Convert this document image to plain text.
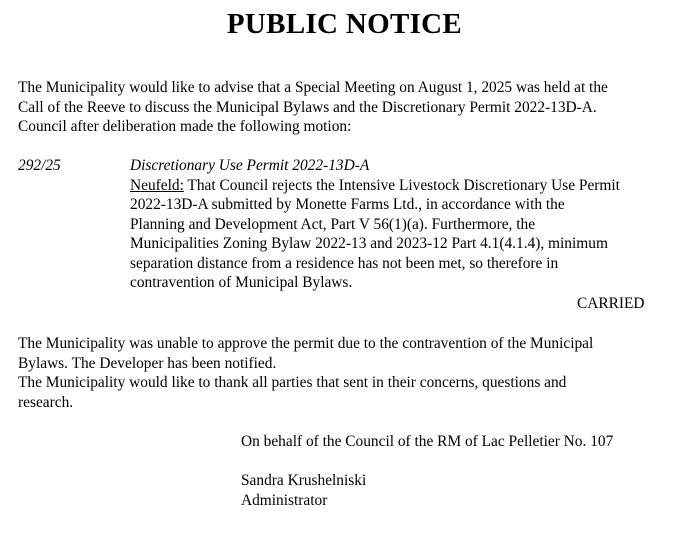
PUBLIC NOTICE
The Municipality would like to advise that a Special Meeting on August 1, 2025 was held at the
Call of the Reeve to discuss the Municipal Bylaws and the Discretionary Permit 2022-13D-A.
Council after deliberation made the following motion:
292/25	Discretionary Use Permit 2022-13D-A
Neufeld: That Council rejects the Intensive Livestock Discretionary Use Permit
2022-13D-A submitted by Monette Farms Ltd., in accordance with the
Planning and Development Act, Part V 56(1)(a). Furthermore, the
Municipalities Zoning Bylaw 2022-13 and 2023-12 Part 4.1(4.1.4), minimum
separation distance from a residence has not been met, so therefore in
contravention of Municipal Bylaws.
CARRIED
The Municipality was unable to approve the permit due to the contravention of the Municipal
Bylaws. The Developer has been notified.
The Municipality would like to thank all parties that sent in their concerns, questions and
research.
On behalf of the Council of the RM of Lac Pelletier No. 107
Sandra Krushelniski
Administrator
